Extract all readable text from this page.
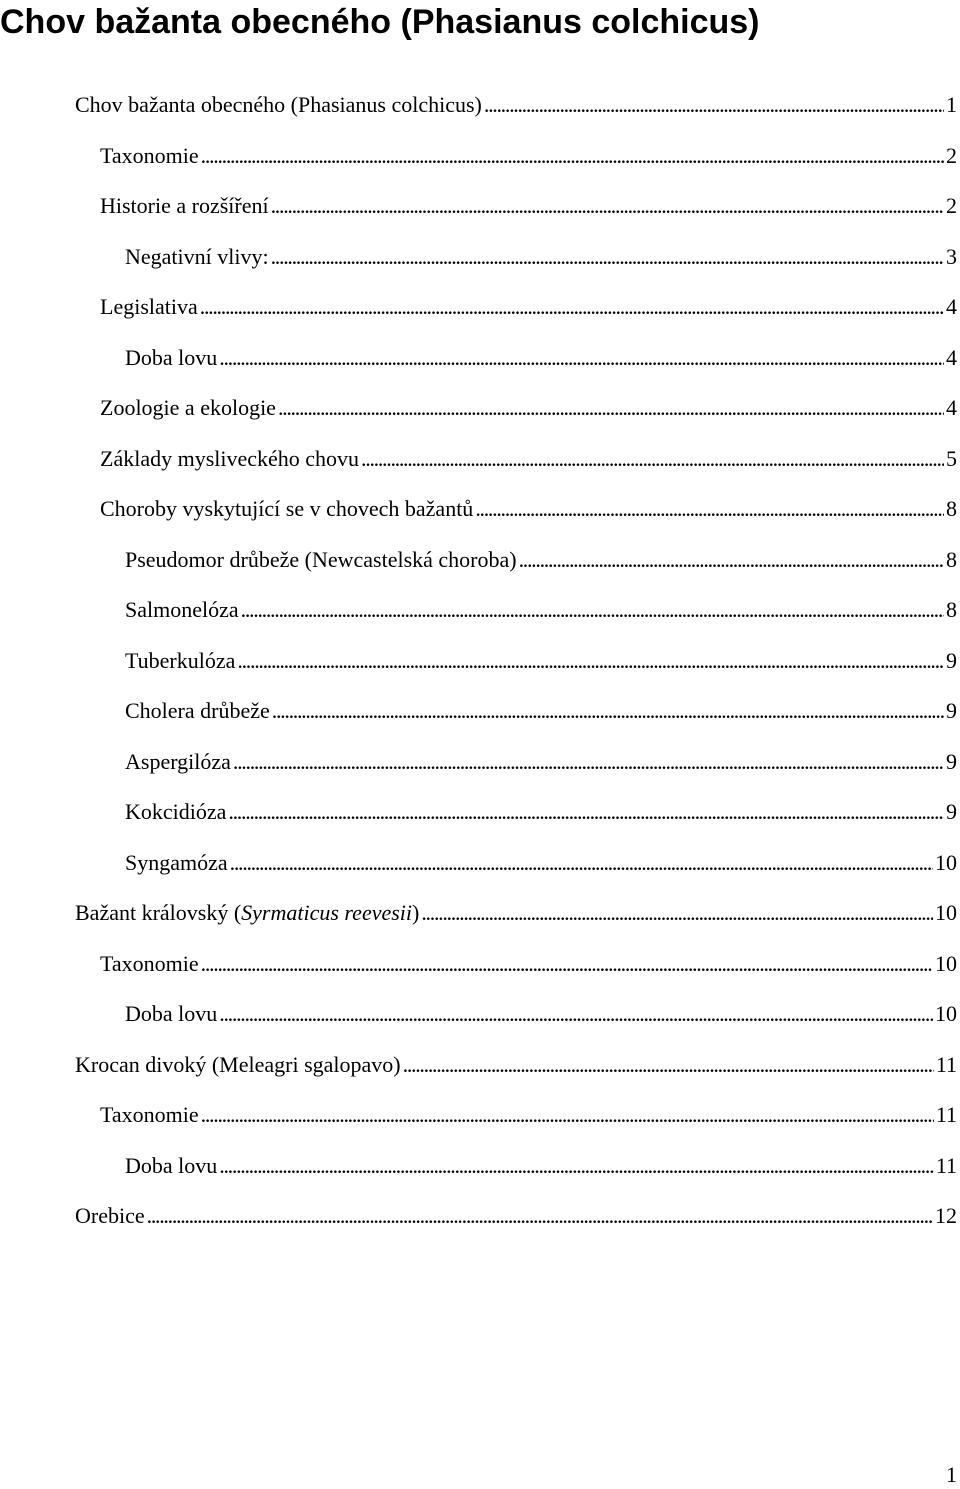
Chov bažanta obecného (Phasianus colchicus)
Chov bažanta obecného (Phasianus colchicus) . . .	1
Taxonomie . . .	2
Historie a rozšíření . . .	2
Negativní vlivy: . . .	3
Legislativa . . .	4
Doba lovu . . .	4
Zoologie a ekologie . . .	4
Základy mysliveckého chovu . . .	5
Choroby vyskytující se v chovech bažantů . . .	8
Pseudomor drůbeže (Newcastelská choroba) . . .	8
Salmonelóza . . .	8
Tuberkulóza . . .	9
Cholera drůbeže . . .	9
Aspergilóza . . .	9
Kokcidióza . . .	9
Syngamóza . . .	10
Bažant královský (Syrmaticus reevesii) . . .	10
Taxonomie . . .	10
Doba lovu . . .	10
Krocan divoký (Meleagri sgalopavo) . . .	11
Taxonomie . . .	11
Doba lovu . . .	11
Orebice . . .	12
1
